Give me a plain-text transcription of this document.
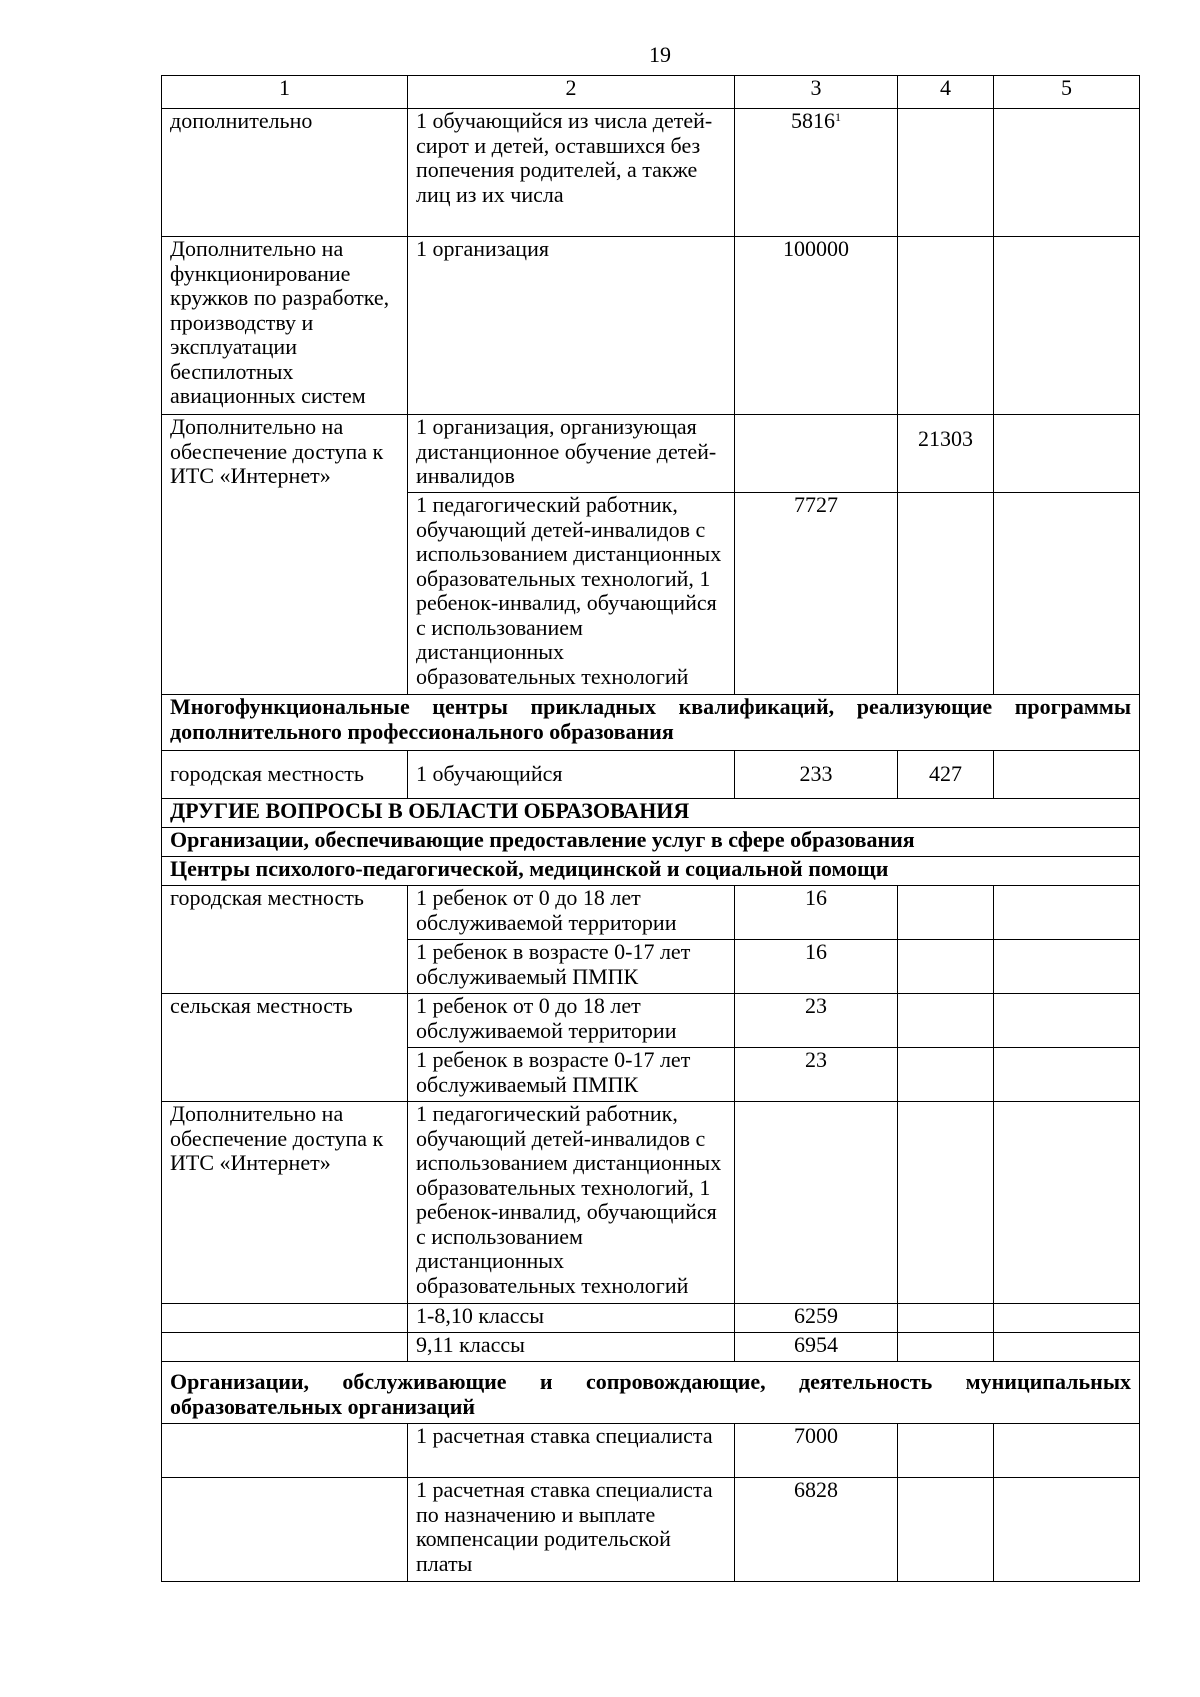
19
1	2	3	4	5
дополнительно	1 обучающийся из числа детей-сирот и детей, оставшихся без попечения родителей, а также лиц из их числа	5816$^1$		
Дополнительно на функционирование кружков по разработке, производству и эксплуатации беспилотных авиационных систем	1 организация	100000		
Дополнительно на обеспечение доступа к ИТС «Интернет»	1 организация, организующая дистанционное обучение детей-инвалидов		21303	
	1 педагогический работник, обучающий детей-инвалидов с использованием дистанционных образовательных технологий, 1 ребенок-инвалид, обучающийся с использованием дистанционных образовательных технологий	7727		
Многофункциональные центры прикладных квалификаций, реализующие программы дополнительного профессионального образования				
городская местность	1 обучающийся	233	427	
ДРУГИЕ ВОПРОСЫ В ОБЛАСТИ ОБРАЗОВАНИЯ				
Организации, обеспечивающие предоставление услуг в сфере образования				
Центры психолого-педагогической, медицинской и социальной помощи				
городская местность	1 ребенок от 0 до 18 лет обслуживаемой территории	16		
	1 ребенок в возрасте 0-17 лет обслуживаемый ПМПК	16		
сельская местность	1 ребенок от 0 до 18 лет обслуживаемой территории	23		
	1 ребенок в возрасте 0-17 лет обслуживаемый ПМПК	23		
Дополнительно на обеспечение доступа к ИТС «Интернет»	1 педагогический работник, обучающий детей-инвалидов с использованием дистанционных образовательных технологий, 1 ребенок-инвалид, обучающийся с использованием дистанционных образовательных технологий			
	1-8,10 классы	6259		
	9,11 классы	6954		
Организации, обслуживающие и сопровождающие, деятельность муниципальных образовательных организаций				
	1 расчетная ставка специалиста	7000		
	1 расчетная ставка специалиста по назначению и выплате компенсации родительской платы	6828		
